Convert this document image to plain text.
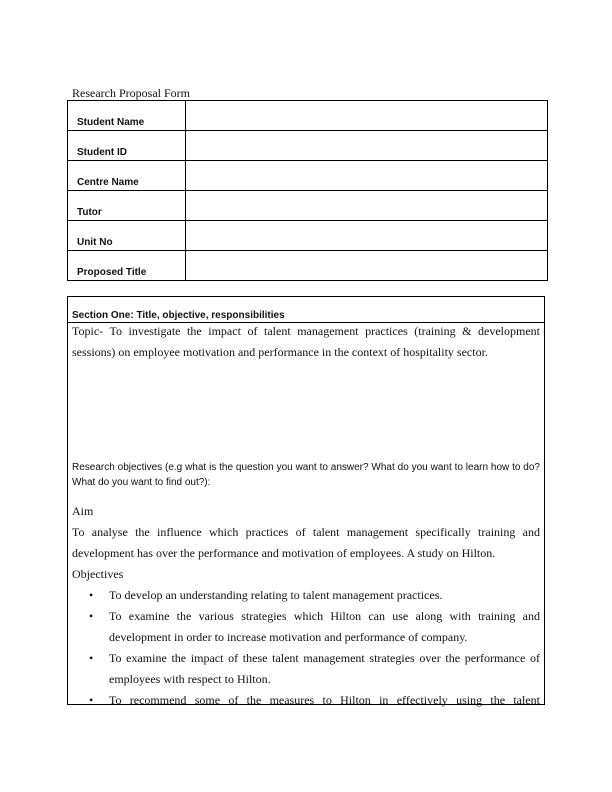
Research Proposal Form
Student Name	
Student ID	
Centre Name	
Tutor	
Unit No	
Proposed Title	
Section One: Title, objective, responsibilities
Topic- To investigate the impact of talent management practices (training & development sessions) on employee motivation and performance in the context of hospitality sector.
Research objectives (e.g what is the question you want to answer? What do you want to learn how to do? What do you want to find out?):
Aim
To analyse the influence which practices of talent management specifically training and development has over the performance and motivation of employees. A study on Hilton.
Objectives
• To develop an understanding relating to talent management practices.
• To examine the various strategies which Hilton can use along with training and development in order to increase motivation and performance of company.
• To examine the impact of these talent management strategies over the performance of employees with respect to Hilton.
• To recommend some of the measures to Hilton in effectively using the talent
